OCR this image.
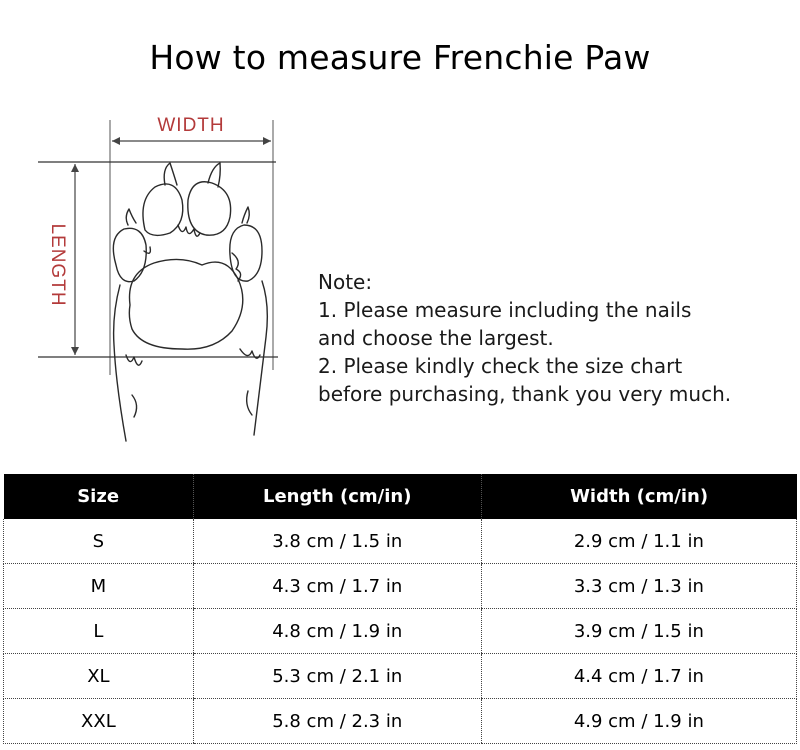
How to measure Frenchie Paw
WIDTH
LENGTH	Note:
1. Please measure including the nails
and choose the largest.
2. Please kindly check the size chart
before purchasing, thank you very much.
Size	Length (cm/in)	Width (cm/in)
S	3.8 cm / 1.5 in	2.9 cm / 1.1 in
M	4.3 cm / 1.7 in	3.3 cm / 1.3 in
L	4.8 cm / 1.9 in	3.9 cm / 1.5 in
XL	5.3 cm / 2.1 in	4.4 cm / 1.7 in
XXL	5.8 cm / 2.3 in	4.9 cm / 1.9 in
